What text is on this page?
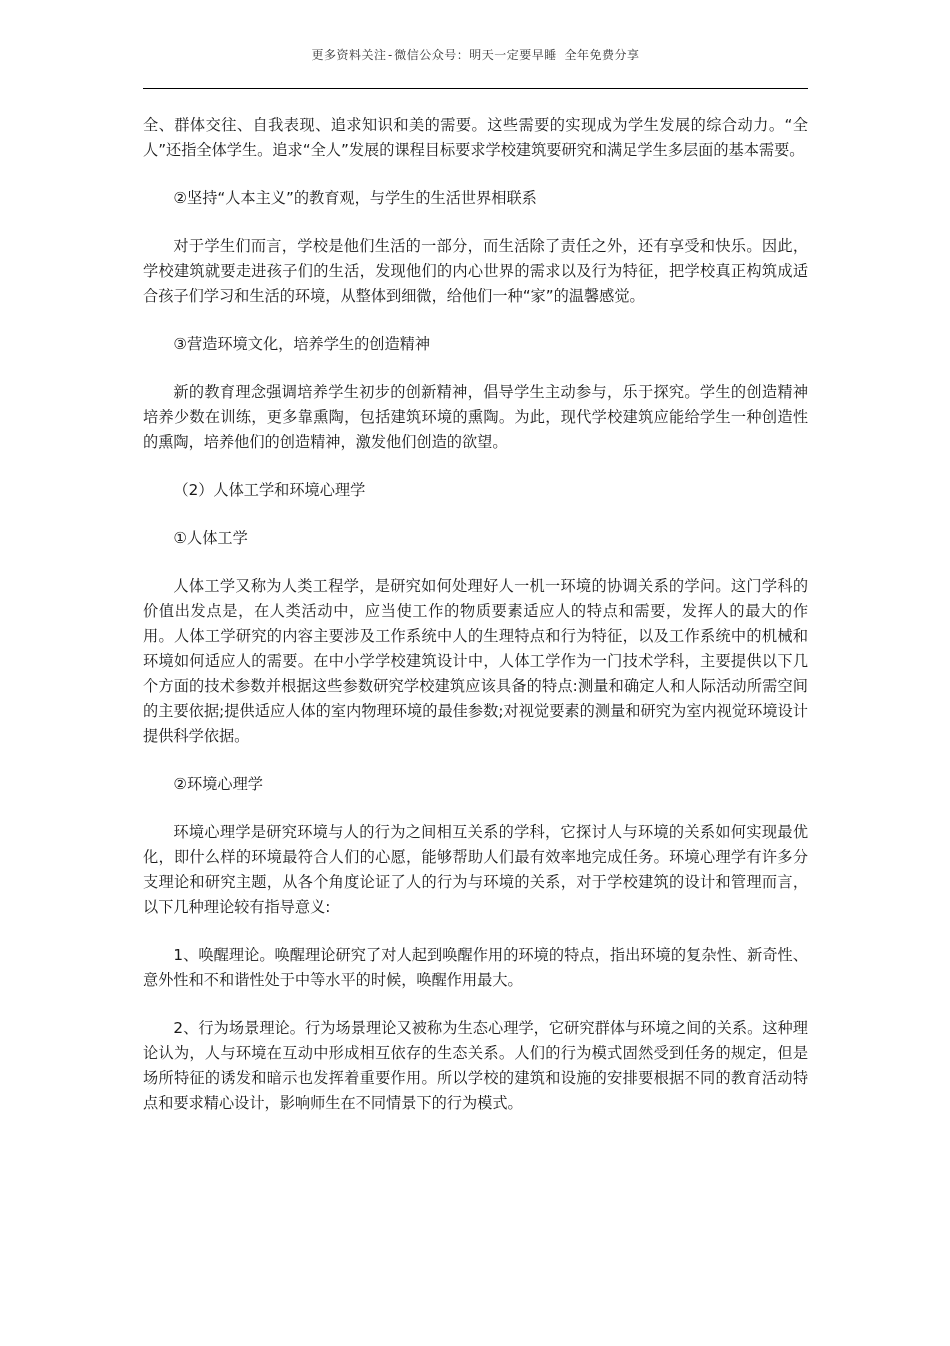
更多资料关注-微信公众号：明天一定要早睡 全年免费分享

全、群体交往、自我表现、追求知识和美的需要。这些需要的实现成为学生发展的综合动力。“全人”还指全体学生。追求“全人”发展的课程目标要求学校建筑要研究和满足学生多层面的基本需要。

②坚持“人本主义”的教育观，与学生的生活世界相联系

对于学生们而言，学校是他们生活的一部分，而生活除了责任之外，还有享受和快乐。因此，学校建筑就要走进孩子们的生活，发现他们的内心世界的需求以及行为特征，把学校真正构筑成适合孩子们学习和生活的环境，从整体到细微，给他们一种“家”的温馨感觉。

③营造环境文化，培养学生的创造精神

新的教育理念强调培养学生初步的创新精神，倡导学生主动参与，乐于探究。学生的创造精神培养少数在训练，更多靠熏陶，包括建筑环境的熏陶。为此，现代学校建筑应能给学生一种创造性的熏陶，培养他们的创造精神，激发他们创造的欲望。

（2）人体工学和环境心理学

①人体工学

人体工学又称为人类工程学，是研究如何处理好人一机一环境的协调关系的学问。这门学科的价值出发点是，在人类活动中，应当使工作的物质要素适应人的特点和需要，发挥人的最大的作用。人体工学研究的内容主要涉及工作系统中人的生理特点和行为特征，以及工作系统中的机械和环境如何适应人的需要。在中小学学校建筑设计中，人体工学作为一门技术学科，主要提供以下几个方面的技术参数并根据这些参数研究学校建筑应该具备的特点:测量和确定人和人际活动所需空间的主要依据;提供适应人体的室内物理环境的最佳参数;对视觉要素的测量和研究为室内视觉环境设计提供科学依据。

②环境心理学

环境心理学是研究环境与人的行为之间相互关系的学科，它探讨人与环境的关系如何实现最优化，即什么样的环境最符合人们的心愿，能够帮助人们最有效率地完成任务。环境心理学有许多分支理论和研究主题，从各个角度论证了人的行为与环境的关系，对于学校建筑的设计和管理而言，以下几种理论较有指导意义:

1、唤醒理论。唤醒理论研究了对人起到唤醒作用的环境的特点，指出环境的复杂性、新奇性、意外性和不和谐性处于中等水平的时候，唤醒作用最大。

2、行为场景理论。行为场景理论又被称为生态心理学，它研究群体与环境之间的关系。这种理论认为，人与环境在互动中形成相互依存的生态关系。人们的行为模式固然受到任务的规定，但是场所特征的诱发和暗示也发挥着重要作用。所以学校的建筑和设施的安排要根据不同的教育活动特点和要求精心设计，影响师生在不同情景下的行为模式。
